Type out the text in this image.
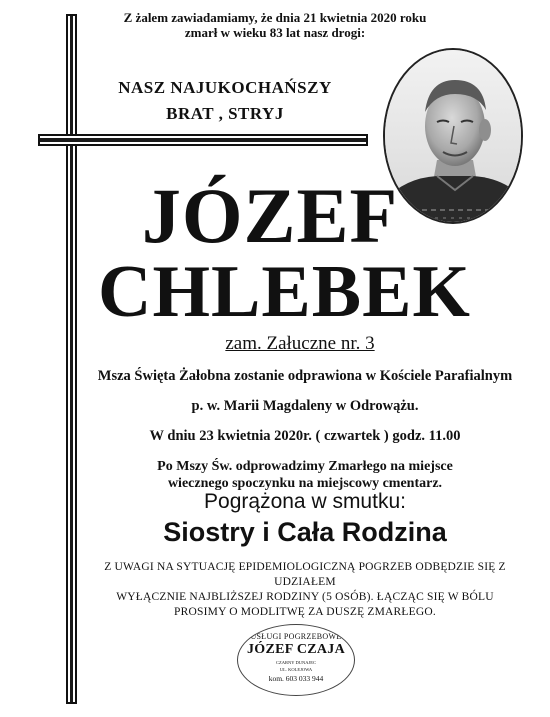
Z żalem zawiadamiamy, że dnia 21 kwietnia 2020 roku
zmarł w wieku 83 lat nasz drogi:
NASZ NAJUKOCHAŃSZY
BRAT , STRYJ
JÓZEF
CHLEBEK
zam. Załuczne nr. 3
Msza Święta Żałobna zostanie odprawiona w Kościele Parafialnym
p. w. Marii Magdaleny w Odrowążu.
W dniu 23 kwietnia 2020r. ( czwartek ) godz. 11.00
Po Mszy Św. odprowadzimy Zmarłego na miejsce
wiecznego spoczynku na miejscowy cmentarz.
Pogrążona w smutku:
Siostry i Cała Rodzina
Z UWAGI NA SYTUACJĘ EPIDEMIOLOGICZNĄ POGRZEB ODBĘDZIE SIĘ Z UDZIAŁEM
WYŁĄCZNIE NAJBLIŻSZEJ RODZINY (5 OSÓB). ŁĄCZĄC SIĘ W BÓLU
PROSIMY O MODLITWĘ ZA DUSZĘ ZMARŁEGO.
USŁUGI POGRZEBOWE
JÓZEF CZAJA
CZARNY DUNAJEC
UL. KOLEJOWA
kom. 603 033 944
